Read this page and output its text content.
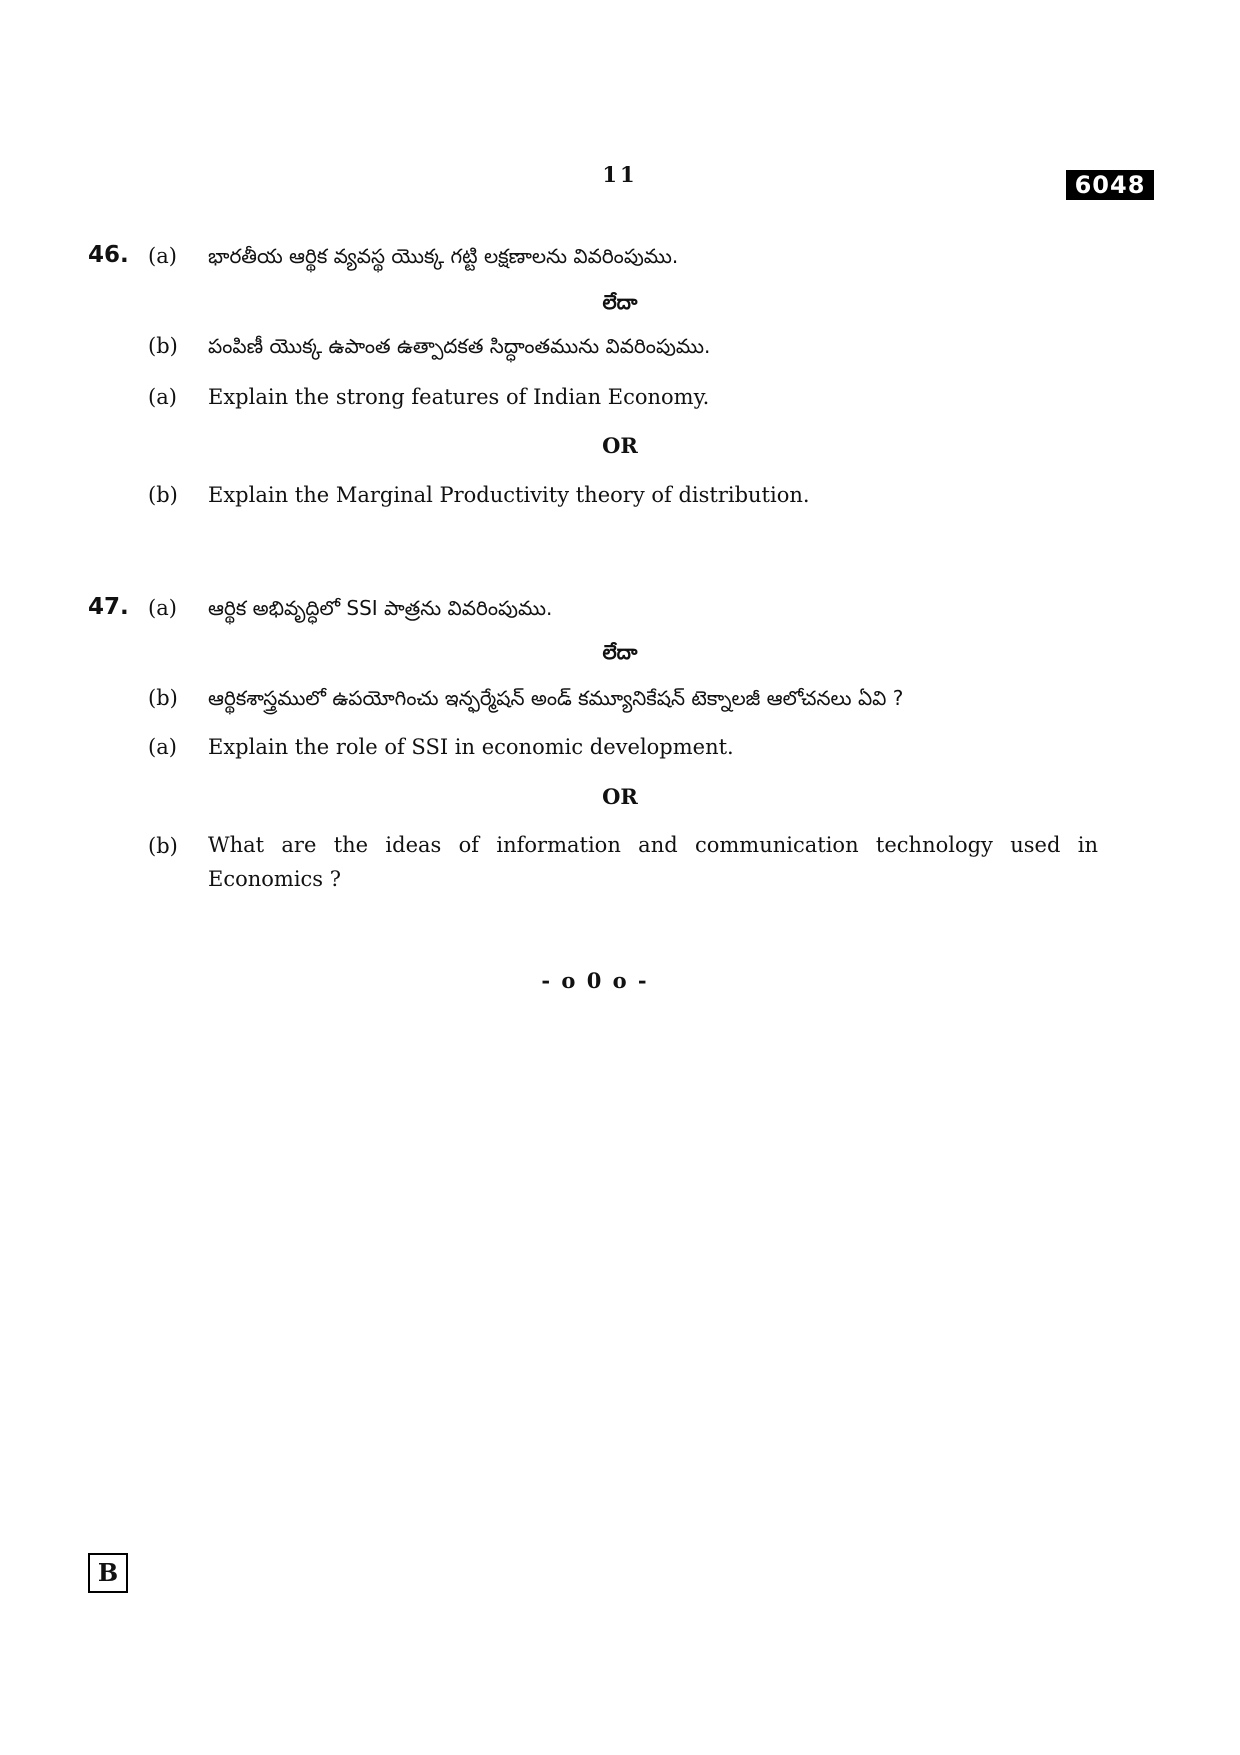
11	6048
46. (a) భారతీయ ఆర్థిక వ్యవస్థ యొక్క గట్టి లక్షణాలను వివరింపుము.
లేదా
(b) పంపిణీ యొక్క ఉపాంత ఉత్పాదకత సిద్ధాంతమును వివరింపుము.
(a) Explain the strong features of Indian Economy.
OR
(b) Explain the Marginal Productivity theory of distribution.
47. (a) ఆర్థిక అభివృద్ధిలో SSI పాత్రను వివరింపుము.
లేదా
(b) ఆర్థికశాస్త్రములో ఉపయోగించు ఇన్ఫర్మేషన్ అండ్ కమ్యూనికేషన్ టెక్నాలజీ ఆలోచనలు ఏవి ?
(a) Explain the role of SSI in economic development.
OR
(b) What are the ideas of information and communication technology used in Economics ?
- o 0 o -
B
